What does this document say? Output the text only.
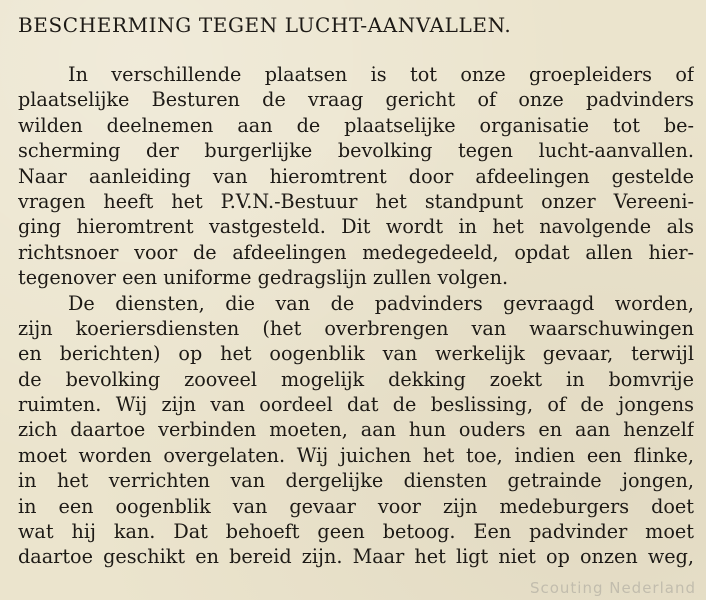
BESCHERMING TEGEN LUCHT-AANVALLEN.
In verschillende plaatsen is tot onze groepleiders of
plaatselijke Besturen de vraag gericht of onze padvinders
wilden deelnemen aan de plaatselijke organisatie tot be-
scherming der burgerlijke bevolking tegen lucht-aanvallen.
Naar aanleiding van hieromtrent door afdeelingen gestelde
vragen heeft het P.V.N.-Bestuur het standpunt onzer Vereeni-
ging hieromtrent vastgesteld. Dit wordt in het navolgende als
richtsnoer voor de afdeelingen medegedeeld, opdat allen hier-
tegenover een uniforme gedragslijn zullen volgen.
De diensten, die van de padvinders gevraagd worden,
zijn koeriersdiensten (het overbrengen van waarschuwingen
en berichten) op het oogenblik van werkelijk gevaar, terwijl
de bevolking zooveel mogelijk dekking zoekt in bomvrije
ruimten. Wij zijn van oordeel dat de beslissing, of de jongens
zich daartoe verbinden moeten, aan hun ouders en aan henzelf
moet worden overgelaten. Wij juichen het toe, indien een flinke,
in het verrichten van dergelijke diensten getrainde jongen,
in een oogenblik van gevaar voor zijn medeburgers doet
wat hij kan. Dat behoeft geen betoog. Een padvinder moet
daartoe geschikt en bereid zijn. Maar het ligt niet op onzen weg,
Scouting Nederland
